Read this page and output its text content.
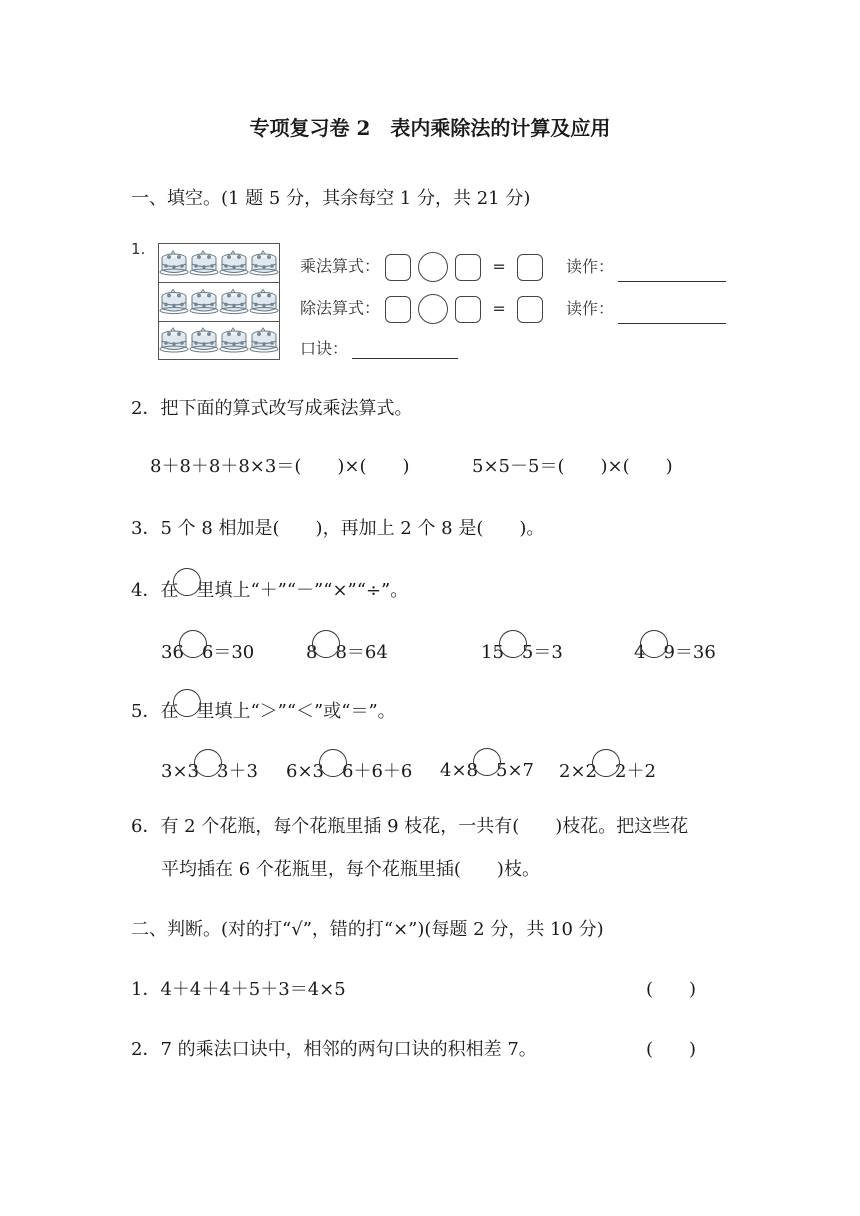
专项复习卷 2　表内乘除法的计算及应用
一、填空。(1 题 5 分，其余每空 1 分，共 21 分)
1.
乘法算式：	=	读作：
除法算式：	=	读作：
口诀：
2．把下面的算式改写成乘法算式。
8＋8＋8＋8×3＝(　　)×(　　)	5×5－5＝(　　)×(　　)
3．5 个 8 相加是(　　)，再加上 2 个 8 是(　　)。
4．在 里填上“＋”“－”“×”“÷”。
36 6＝30	8 8＝64	15 5＝3	4 9＝36
5．在 里填上“＞”“＜”或“＝”。
3×3 3＋3 6×3 6＋6＋6 4×8 5×7 2×2 2＋2
6．有 2 个花瓶，每个花瓶里插 9 枝花，一共有(　　)枝花。把这些花
平均插在 6 个花瓶里，每个花瓶里插(　　)枝。
二、判断。(对的打“√”，错的打“×”)(每题 2 分，共 10 分)
1．4＋4＋4＋5＋3＝4×5	(　　)
2．7 的乘法口诀中，相邻的两句口诀的积相差 7。	(　　)
